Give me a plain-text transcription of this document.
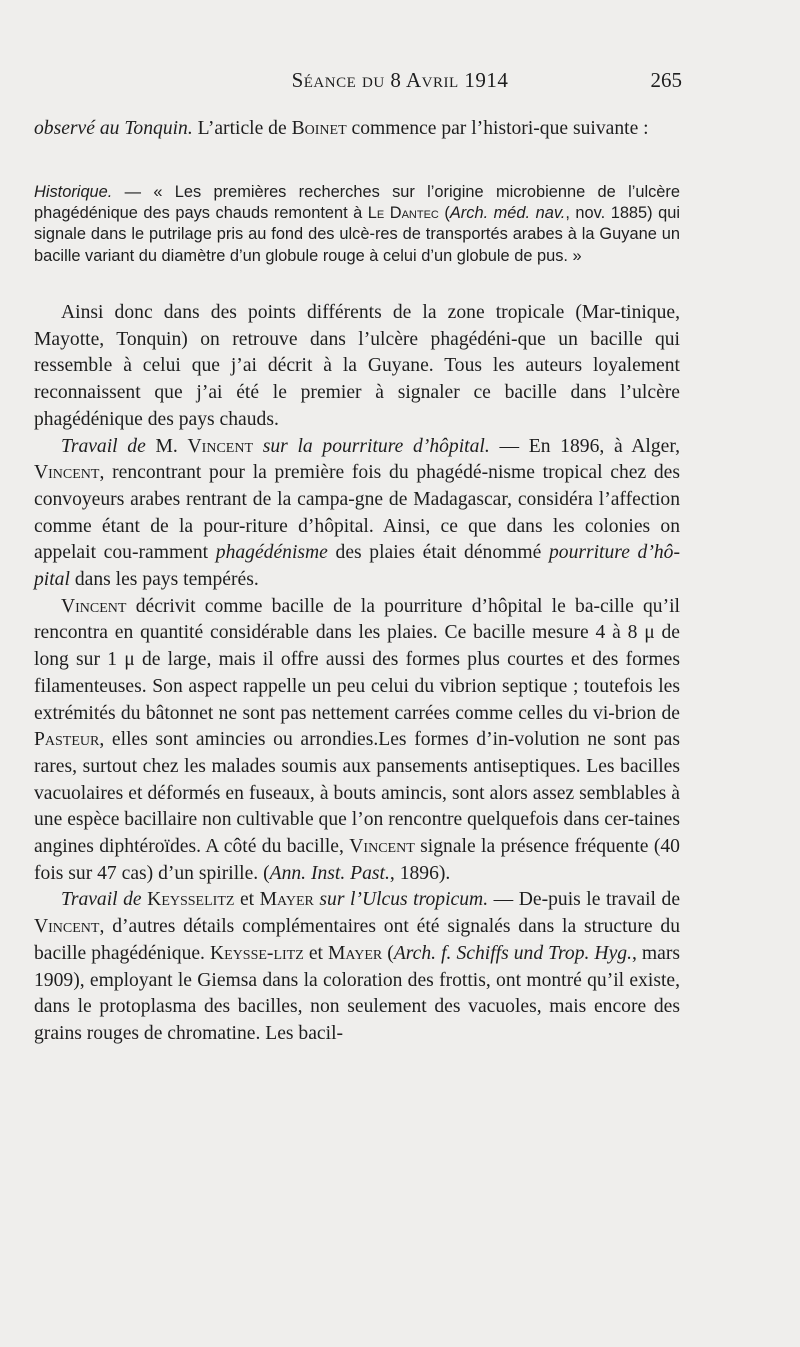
Séance du 8 Avril 1914	265

observé au Tonquin. L’article de Boinet commence par l’histori-que suivante :

Historique. — « Les premières recherches sur l’origine microbienne de l’ulcère phagédénique des pays chauds remontent à Le Dantec (Arch. méd. nav., nov. 1885) qui signale dans le putrilage pris au fond des ulcè-res de transportés arabes à la Guyane un bacille variant du diamètre d’un globule rouge à celui d’un globule de pus. »

Ainsi donc dans des points différents de la zone tropicale (Mar-tinique, Mayotte, Tonquin) on retrouve dans l’ulcère phagédéni-que un bacille qui ressemble à celui que j’ai décrit à la Guyane. Tous les auteurs loyalement reconnaissent que j’ai été le premier à signaler ce bacille dans l’ulcère phagédénique des pays chauds.

Travail de M. Vincent sur la pourriture d’hôpital. — En 1896, à Alger, Vincent, rencontrant pour la première fois du phagédé-nisme tropical chez des convoyeurs arabes rentrant de la campa-gne de Madagascar, considéra l’affection comme étant de la pour-riture d’hôpital. Ainsi, ce que dans les colonies on appelait cou-ramment phagédénisme des plaies était dénommé pourriture d’hô-pital dans les pays tempérés.

Vincent décrivit comme bacille de la pourriture d’hôpital le ba-cille qu’il rencontra en quantité considérable dans les plaies. Ce bacille mesure 4 à 8 μ de long sur 1 μ de large, mais il offre aussi des formes plus courtes et des formes filamenteuses. Son aspect rappelle un peu celui du vibrion septique ; toutefois les extrémités du bâtonnet ne sont pas nettement carrées comme celles du vi-brion de Pasteur, elles sont amincies ou arrondies.Les formes d’in-volution ne sont pas rares, surtout chez les malades soumis aux pansements antiseptiques. Les bacilles vacuolaires et déformés en fuseaux, à bouts amincis, sont alors assez semblables à une espèce bacillaire non cultivable que l’on rencontre quelquefois dans cer-taines angines diphtéroïdes. A côté du bacille, Vincent signale la présence fréquente (40 fois sur 47 cas) d’un spirille. (Ann. Inst. Past., 1896).

Travail de Keysselitz et Mayer sur l’Ulcus tropicum. — De-puis le travail de Vincent, d’autres détails complémentaires ont été signalés dans la structure du bacille phagédénique. Keysse-litz et Mayer (Arch. f. Schiffs und Trop. Hyg., mars 1909), employant le Giemsa dans la coloration des frottis, ont montré qu’il existe, dans le protoplasma des bacilles, non seulement des vacuoles, mais encore des grains rouges de chromatine. Les bacil-
